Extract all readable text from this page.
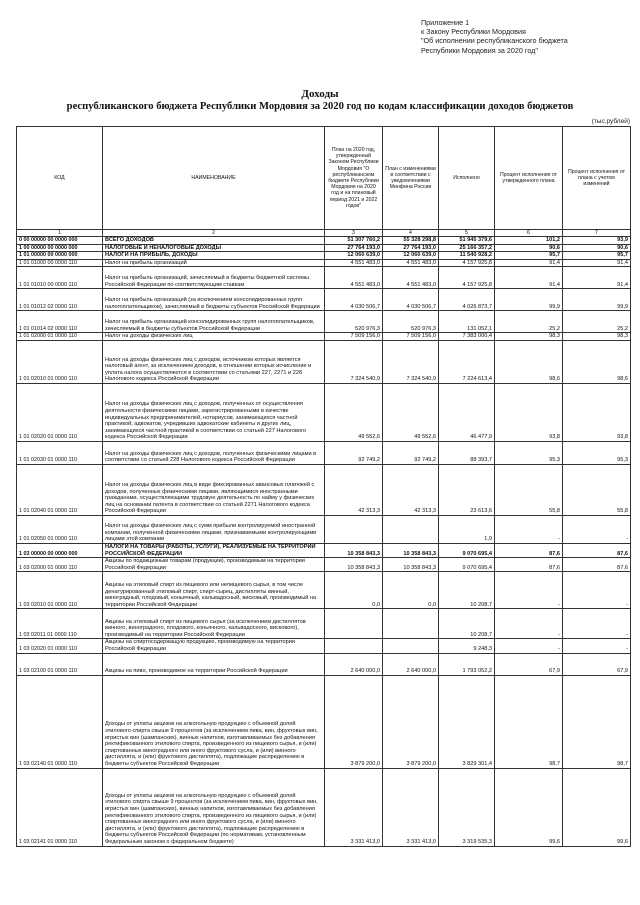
Приложение 1
к Закону Республики Мордовия
"Об исполнении республиканского бюджета
Республики Мордовия за 2020 год"
Доходы
республиканского бюджета Республики Мордовия за 2020 год по кодам классификации доходов бюджетов
(тыс.рублей)
КОД	НАИМЕНОВАНИЕ	План на 2020 год, утвержденный Законом Республики Мордовия "О республиканском бюджете Республики Мордовия на 2020 год и на плановый период 2021 и 2022 годов"	План с изменениями в соответствии с уведомлениями Минфина России	Исполнено	Процент исполнения от утвержденного плана	Процент исполнения от плана с учетом изменений
1	2	3	4	5	6	7
0 00 00000 00 0000 000	ВСЕГО ДОХОДОВ	51 307 760,2	55 328 298,8	51 945 379,6	101,2	93,9
1 00 00000 00 0000 000	НАЛОГОВЫЕ И НЕНАЛОГОВЫЕ ДОХОДЫ	27 764 193,0	27 764 193,0	25 166 357,2	90,6	90,6
1 01 00000 00 0000 000	НАЛОГИ НА ПРИБЫЛЬ, ДОХОДЫ	12 060 639,0	12 060 639,0	11 540 928,2	95,7	95,7
1 01 01000 00 0000 110	Налог на прибыль организаций	4 551 483,0	4 551 483,0	4 157 925,8	91,4	91,4
1 01 01010 00 0000 110	Налог на прибыль организаций, зачисляемый в бюджеты бюджетной системы Российской Федерации по соответствующим ставкам	4 551 483,0	4 551 483,0	4 157 925,8	91,4	91,4
1 01 01012 02 0000 110	Налог на прибыль организаций (за исключением консолидированных групп налогоплательщиков), зачисляемый в бюджеты субъектов Российской Федерации	4 030 506,7	4 030 506,7	4 026 873,7	99,9	99,9
1 01 01014 02 0000 110	Налог на прибыль организаций консолидированных групп налогоплательщиков, зачисляемый в бюджеты субъектов Российской Федерации	520 976,3	520 976,3	131 052,1	25,2	25,2
1 01 02000 01 0000 110	Налог на доходы физических лиц	7 509 156,0	7 509 156,0	7 383 000,4	98,3	98,3
1 01 02010 01 0000 110	Налог на доходы физических лиц с доходов, источником которых является налоговый агент, за исключением доходов, в отношении которых исчисление и уплата налога осуществляются в соответствии со статьями 227, 2271 и 228 Налогового кодекса Российской Федерации	7 324 540,9	7 324 540,9	7 224 613,4	98,6	98,6
1 01 02020 01 0000 110	Налог на доходы физических лиц с доходов, полученных от осуществления деятельности физическими лицами, зарегистрированными в качестве индивидуальных предпринимателей, нотариусов, занимающихся частной практикой, адвокатов, учредивших адвокатские кабинеты и других лиц, занимающихся частной практикой в соответствии со статьей 227 Налогового кодекса Российской Федерации	49 552,6	49 552,6	46 477,9	93,8	93,8
1 01 02030 01 0000 110	Налог на доходы физических лиц с доходов, полученных физическими лицами в соответствии со статьей 228 Налогового кодекса Российской Федерации	92 749,2	92 749,2	88 393,7	95,3	95,3
1 01 02040 01 0000 110	Налог на доходы физических лиц в виде фиксированных авансовых платежей с доходов, полученных физическими лицами, являющимися иностранными гражданами, осуществляющими трудовую деятельность по найму у физических лиц на основании патента в соответствии со статьей 2271 Налогового кодекса Российской Федерации	42 313,3	42 313,3	23 613,6	55,8	55,8
1 01 02050 01 0000 110	Налог на доходы физических лиц с сумм прибыли контролируемой иностранной компании, полученной физическими лицами, признаваемыми контролирующими лицами этой компании			1,9	-	-
1 03 00000 00 0000 000	НАЛОГИ НА ТОВАРЫ (РАБОТЫ, УСЛУГИ), РЕАЛИЗУЕМЫЕ НА ТЕРРИТОРИИ РОССИЙСКОЙ ФЕДЕРАЦИИ	10 358 843,3	10 358 843,3	9 070 695,4	87,6	87,6
1 03 02000 01 0000 110	Акцизы по подакцизным товарам (продукции), производимым на территории Российской Федерации	10 358 843,3	10 358 843,3	9 070 695,4	87,6	87,6
1 03 02010 01 0000 110	Акцизы на этиловый спирт из пищевого или непищевого сырья, в том числе денатурированный этиловый спирт, спирт-сырец, дистилляты винный, виноградный, плодовый, коньячный, кальвадосный, висковый, производимый на территории Российской Федерации	0,0	0,0	10 208,7	-	-
1 03 02011 01 0000 110	Акцизы на этиловый спирт из пищевого сырья (за исключением дистиллятов винного, виноградного, плодового, коньячного, кальвадосного, вискового), производимый на территории Российской Федерации			10 208,7	-	-
1 03 02020 01 0000 110	Акцизы на спиртосодержащую продукцию, производимую на территории Российской Федерации			9 248,3	-	-
1 03 02100 01 0000 110	Акцизы на пиво, производимое на территории Российской Федерации	2 640 000,0	2 640 000,0	1 793 052,2	67,9	67,9
1 03 02140 01 0000 110	Доходы от уплаты акцизов на алкогольную продукцию с объемной долей этилового спирта свыше 9 процентов (за исключением пива, вин, фруктовых вин, игристых вин (шампанских), винных напитков, изготавливаемых без добавления ректификованного этилового спирта, произведенного из пищевого сырья, и (или) спиртованных виноградного или иного фруктового сусла, и (или) винного дистиллята, и (или) фруктового дистиллята), подлежащие распределению в бюджеты субъектов Российской Федерации	3 879 200,0	3 879 200,0	3 829 301,4	98,7	98,7
1 03 02141 01 0000 110	Доходы от уплаты акцизов на алкогольную продукцию с объемной долей этилового спирта свыше 9 процентов (за исключением пива, вин, фруктовых вин, игристых вин (шампанских), винных напитков, изготавливаемых без добавления ректификованного этилового спирта, произведенного из пищевого сырья, и (или) спиртованных виноградного или иного фруктового сусла, и (или) винного дистиллята, и (или) фруктового дистиллята), подлежащие распределению в бюджеты субъектов Российской Федерации (по нормативам, установленным Федеральным законом о федеральном бюджете)	3 331 413,0	3 331 413,0	3 319 535,3	99,6	99,6
